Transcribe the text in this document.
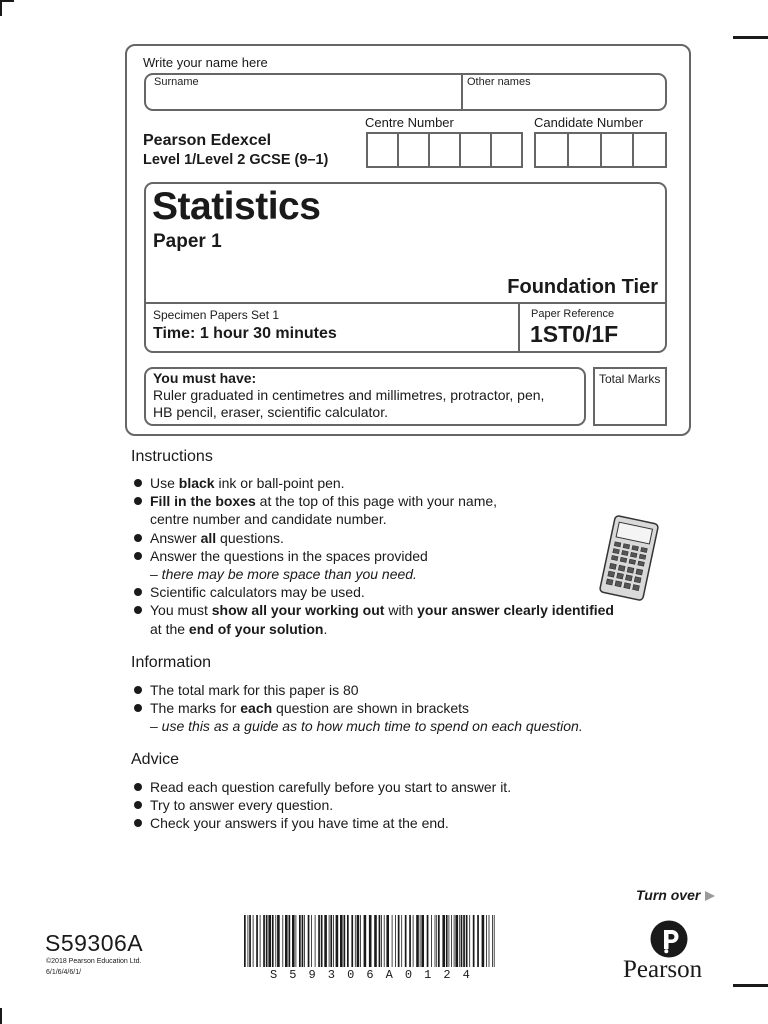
Write your name here
Surname	Other names
Pearson Edexcel
Level 1/Level 2 GCSE (9–1)
Centre Number	Candidate Number
Statistics
Paper 1
Foundation Tier
Specimen Papers Set 1
Time: 1 hour 30 minutes
Paper Reference
1ST0/1F
You must have:
Ruler graduated in centimetres and millimetres, protractor, pen,
HB pencil, eraser, scientific calculator.
Total Marks
Instructions
Use black ink or ball-point pen.
Fill in the boxes at the top of this page with your name,
centre number and candidate number.
Answer all questions.
Answer the questions in the spaces provided
– there may be more space than you need.
Scientific calculators may be used.
You must show all your working out with your answer clearly identified
at the end of your solution.
Information
The total mark for this paper is 80
The marks for each question are shown in brackets
– use this as a guide as to how much time to spend on each question.
Advice
Read each question carefully before you start to answer it.
Try to answer every question.
Check your answers if you have time at the end.
Turn over
S59306A
©2018 Pearson Education Ltd.
6/1/6/4/6/1/	S 5 9 3 0 6 A 0 1 2 4	Pearson
